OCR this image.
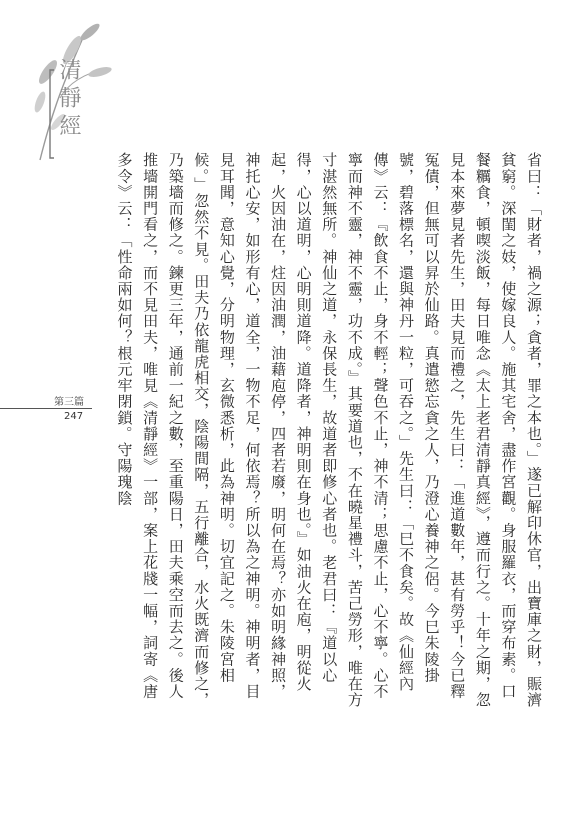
清靜經
第三篇
247	省曰：「財者，禍之源；貪者，罪之本也。」遂已解印休官，出寶庫之財，賑濟貧窮。深閨之妓，使嫁良人。施其宅舍，盡作宮觀。身服羅衣，而穿布素。口餐糲食，頓喫淡飯，每日唯念《太上老君清靜真經》，遵而行之。十年之期，忽見本來夢見者先生，田夫見而禮之，先生曰：「進道數年，甚有勞乎！今已釋冤債，但無可以昇於仙路。真遣慾忘貪之人，乃澄心養神之侶。今巳朱陵掛號，碧落標名，還與神丹一粒，可吞之。」先生曰：「巳不食矣。故《仙經內傳》云：『飲食不止，身不輕；聲色不止，神不清；思慮不止，心不寧。心不寧而神不靈，神不靈，功不成。』其要道也，不在曉星禮斗，苦己勞形，唯在方寸湛然無所。神仙之道，永保長生，故道者即修心者也。老君曰：『道以心得，心以道明，心明則道降。道降者，神明則在身也。』如油火在庖，明從火起，火因油在，炷因油潤，油藉庖停，四者若廢，明何在焉？亦如明緣神照，神托心安，如形有心，道全，一物不足，何依焉？所以為之神明。神明者，目見耳聞，意知心覺，分明物理，玄微悉析，此為神明。切宜記之。朱陵宮相候。」忽然不見。田夫乃依龍虎相交，陰陽間隔，五行離合，水火既濟而修之，乃築墻而修之。鍊更三年，通前一紀之數，至重陽日，田夫乘空而去之。後人推墻開門看之，而不見田夫，唯見《清靜經》一部，案上花牋一幅，詞寄《唐多令》云：「性命兩如何？根元牢閉鎖。守陽瑰陰
